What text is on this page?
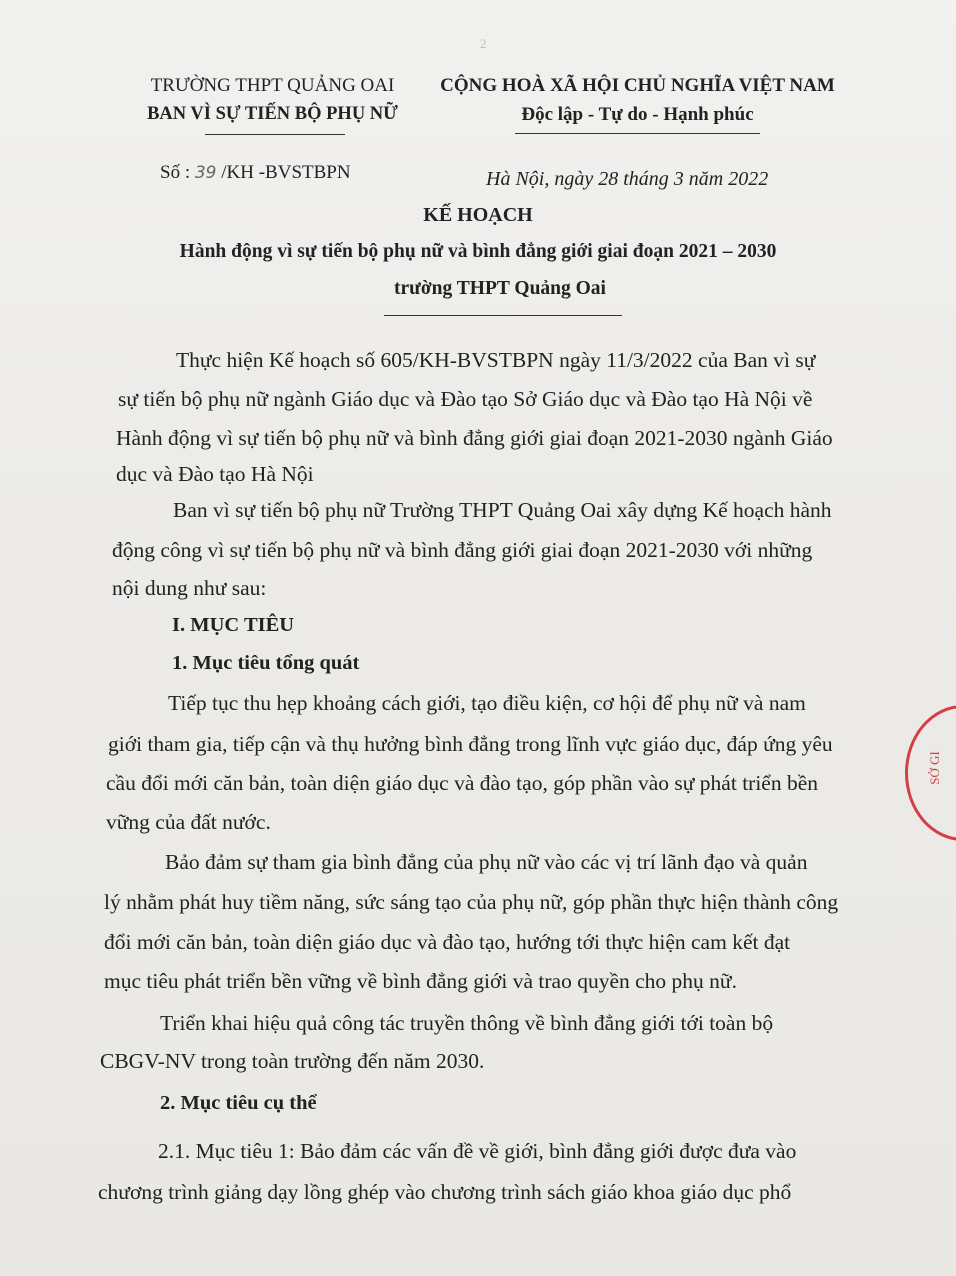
2
TRƯỜNG THPT QUẢNG OAI
BAN VÌ SỰ TIẾN BỘ PHỤ NỮ
CỘNG HOÀ XÃ HỘI CHỦ NGHĨA VIỆT NAM
Độc lập - Tự do - Hạnh phúc
Số : 39 /KH -BVSTBPN	Hà Nội, ngày 28 tháng 3 năm 2022
KẾ HOẠCH
Hành động vì sự tiến bộ phụ nữ và bình đẳng giới giai đoạn 2021 – 2030
trường THPT Quảng Oai
Thực hiện Kế hoạch số 605/KH-BVSTBPN ngày 11/3/2022 của Ban vì sự
sự tiến bộ phụ nữ ngành Giáo dục và Đào tạo Sở Giáo dục và Đào tạo Hà Nội về
Hành động vì sự tiến bộ phụ nữ và bình đẳng giới giai đoạn 2021-2030 ngành Giáo
dục và Đào tạo Hà Nội
Ban vì sự tiến bộ phụ nữ Trường THPT Quảng Oai xây dựng Kế hoạch hành
động công vì sự tiến bộ phụ nữ và bình đẳng giới giai đoạn 2021-2030 với những
nội dung như sau:
I. MỤC TIÊU
1. Mục tiêu tổng quát
Tiếp tục thu hẹp khoảng cách giới, tạo điều kiện, cơ hội để phụ nữ và nam
giới tham gia, tiếp cận và thụ hưởng bình đẳng trong lĩnh vực giáo dục, đáp ứng yêu
cầu đổi mới căn bản, toàn diện giáo dục và đào tạo, góp phần vào sự phát triển bền
vững của đất nước.
Bảo đảm sự tham gia bình đẳng của phụ nữ vào các vị trí lãnh đạo và quản
lý nhằm phát huy tiềm năng, sức sáng tạo của phụ nữ, góp phần thực hiện thành công
đổi mới căn bản, toàn diện giáo dục và đào tạo, hướng tới thực hiện cam kết đạt
mục tiêu phát triển bền vững về bình đẳng giới và trao quyền cho phụ nữ.
Triển khai hiệu quả công tác truyền thông về bình đẳng giới tới toàn bộ
CBGV-NV trong toàn trường đến năm 2030.
2. Mục tiêu cụ thể
2.1. Mục tiêu 1: Bảo đảm các vấn đề về giới, bình đẳng giới được đưa vào
chương trình giảng dạy lồng ghép vào chương trình sách giáo khoa giáo dục phổ
SỞ GI
